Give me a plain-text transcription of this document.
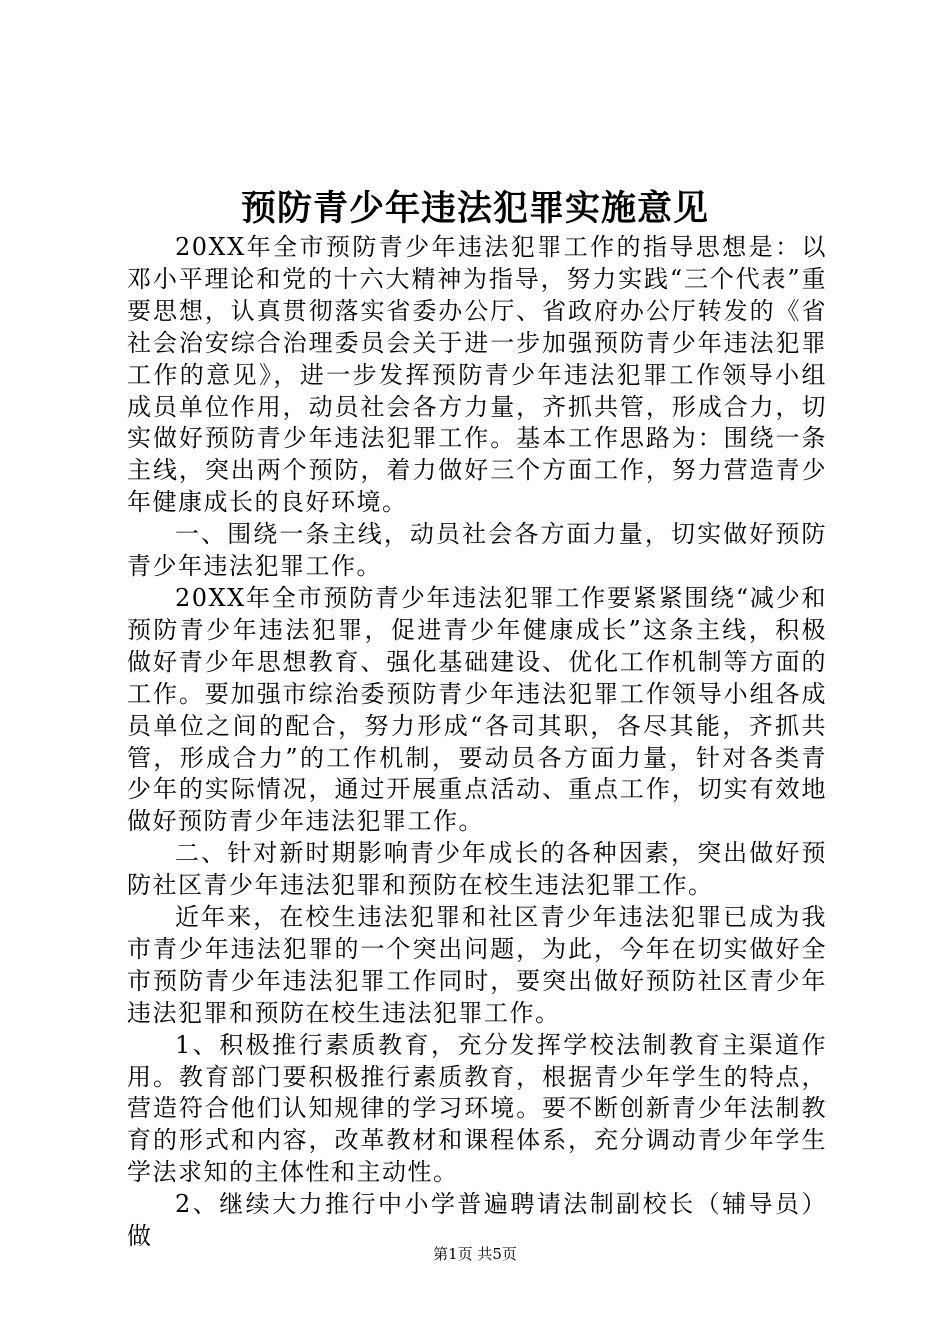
预防青少年违法犯罪实施意见

20XX年全市预防青少年违法犯罪工作的指导思想是：以邓小平理论和党的十六大精神为指导，努力实践“三个代表”重要思想，认真贯彻落实省委办公厅、省政府办公厅转发的《省社会治安综合治理委员会关于进一步加强预防青少年违法犯罪工作的意见》，进一步发挥预防青少年违法犯罪工作领导小组成员单位作用，动员社会各方力量，齐抓共管，形成合力，切实做好预防青少年违法犯罪工作。基本工作思路为：围绕一条主线，突出两个预防，着力做好三个方面工作，努力营造青少年健康成长的良好环境。

一、围绕一条主线，动员社会各方面力量，切实做好预防青少年违法犯罪工作。

20XX年全市预防青少年违法犯罪工作要紧紧围绕“减少和预防青少年违法犯罪，促进青少年健康成长”这条主线，积极做好青少年思想教育、强化基础建设、优化工作机制等方面的工作。要加强市综治委预防青少年违法犯罪工作领导小组各成员单位之间的配合，努力形成“各司其职，各尽其能，齐抓共管，形成合力”的工作机制，要动员各方面力量，针对各类青少年的实际情况，通过开展重点活动、重点工作，切实有效地做好预防青少年违法犯罪工作。

二、针对新时期影响青少年成长的各种因素，突出做好预防社区青少年违法犯罪和预防在校生违法犯罪工作。

近年来，在校生违法犯罪和社区青少年违法犯罪已成为我市青少年违法犯罪的一个突出问题，为此，今年在切实做好全市预防青少年违法犯罪工作同时，要突出做好预防社区青少年违法犯罪和预防在校生违法犯罪工作。

1、积极推行素质教育，充分发挥学校法制教育主渠道作用。教育部门要积极推行素质教育，根据青少年学生的特点，营造符合他们认知规律的学习环境。要不断创新青少年法制教育的形式和内容，改革教材和课程体系，充分调动青少年学生学法求知的主体性和主动性。

2、继续大力推行中小学普遍聘请法制副校长（辅导员）做

第1页 共5页
